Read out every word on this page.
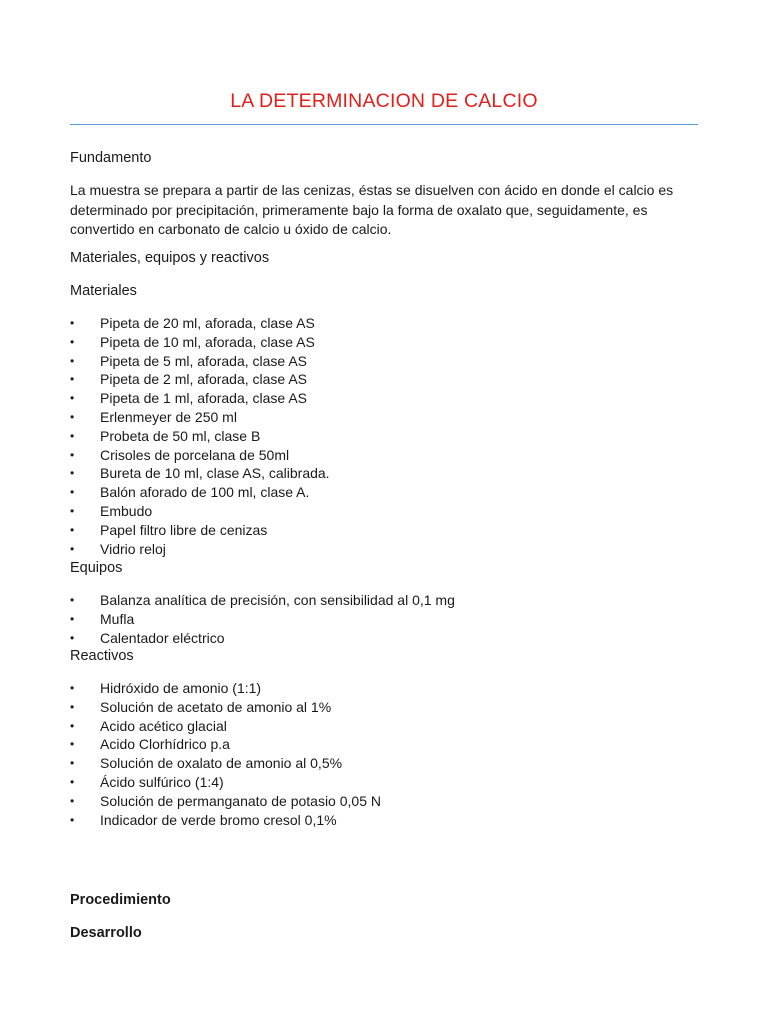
LA DETERMINACION DE CALCIO
Fundamento

La muestra se prepara a partir de las cenizas, éstas se disuelven con ácido en donde el calcio es determinado por precipitación, primeramente bajo la forma de oxalato que, seguidamente, es convertido en carbonato de calcio u óxido de calcio.

Materiales, equipos y reactivos
Materiales
•	Pipeta de 20 ml, aforada, clase AS
•	Pipeta de 10 ml, aforada, clase AS
•	Pipeta de 5 ml, aforada, clase AS
•	Pipeta de 2 ml, aforada, clase AS
•	Pipeta de 1 ml, aforada, clase AS
•	Erlenmeyer de 250 ml
•	Probeta de 50 ml, clase B
•	Crisoles de porcelana de 50ml
•	Bureta de 10 ml, clase AS, calibrada.
•	Balón aforado de 100 ml, clase A.
•	Embudo
•	Papel filtro libre de cenizas
•	Vidrio reloj
Equipos
•	Balanza analítica de precisión, con sensibilidad al 0,1 mg
•	Mufla
•	Calentador eléctrico
Reactivos
•	Hidróxido de amonio (1:1)
•	Solución de acetato de amonio al 1%
•	Acido acético glacial
•	Acido Clorhídrico p.a
•	Solución de oxalato de amonio al 0,5%
•	Ácido sulfúrico (1:4)
•	Solución de permanganato de potasio 0,05 N
•	Indicador de verde bromo cresol 0,1%
Procedimiento
Desarrollo
